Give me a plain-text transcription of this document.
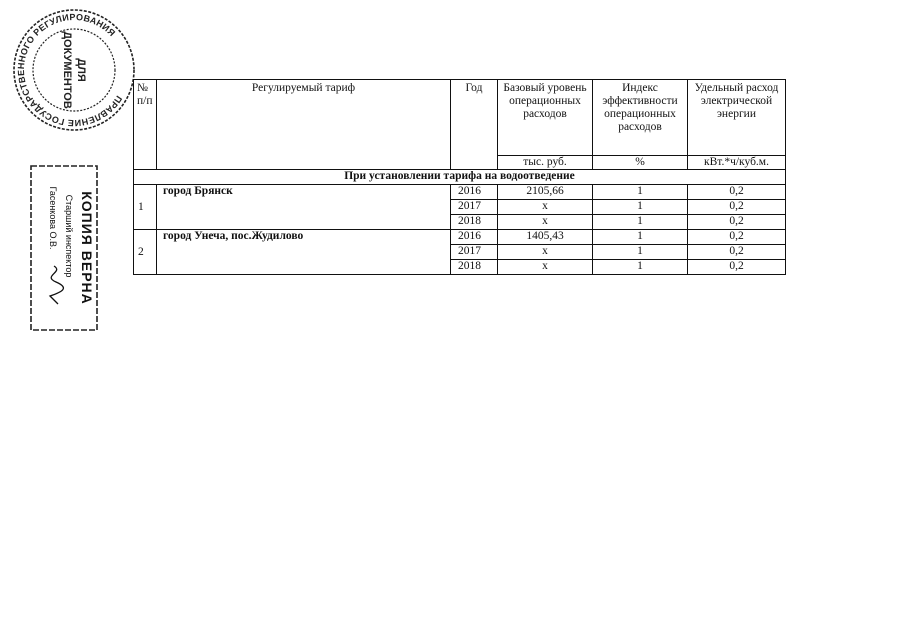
ПРАВЛЕНИЕ ГОСУДАРСТВЕННОГО РЕГУЛИРОВАНИЯ
ДЛЯ
ДОКУМЕНТОВ
КОПИЯ ВЕРНА
Старший инспектор
Гасенкова О.В.
№ п/п	Регулируемый тариф	Год	Базовый уровень операционных расходов	Индекс эффективности операционных расходов	Удельный расход электрической энергии
			тыс. руб.	%	кВт.*ч/куб.м.
При установлении тарифа на водоотведение					
1	город Брянск	2016	2105,66	1	0,2
		2017	х	1	0,2
		2018	х	1	0,2
2	город Унеча, пос.Жудилово	2016	1405,43	1	0,2
		2017	х	1	0,2
		2018	х	1	0,2
